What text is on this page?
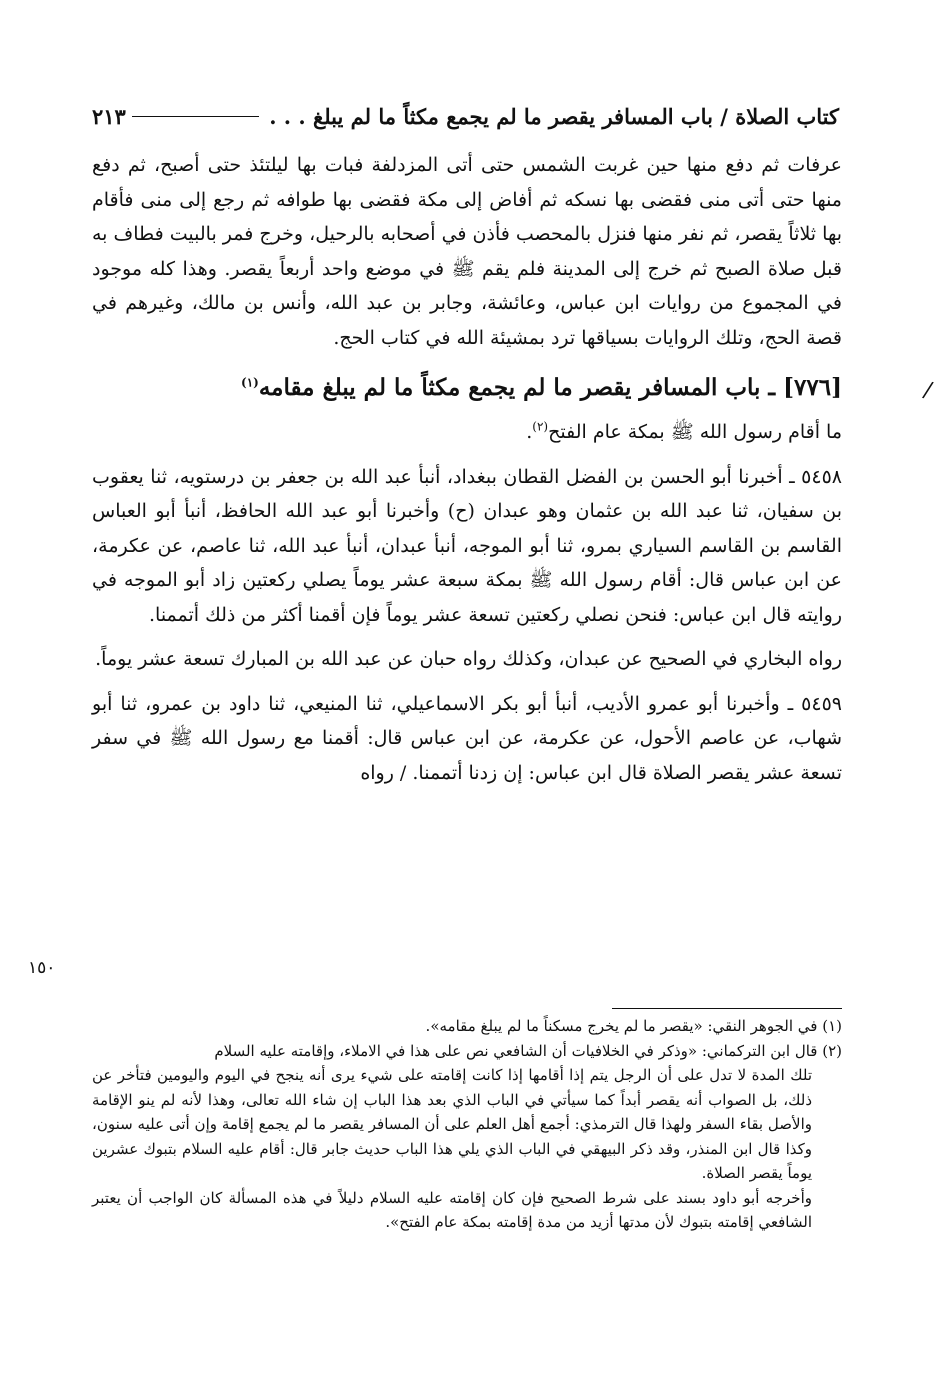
كتاب الصلاة / باب المسافر يقصر ما لم يجمع مكثاً ما لم يبلغ . . .
٢١٣
/

عرفات ثم دفع منها حين غربت الشمس حتى أتى المزدلفة فبات بها ليلتئذ حتى أصبح، ثم دفع منها حتى أتى منى فقضى بها نسكه ثم أفاض إلى مكة فقضى بها طوافه ثم رجع إلى منى فأقام بها ثلاثاً يقصر، ثم نفر منها فنزل بالمحصب فأذن في أصحابه بالرحيل، وخرج فمر بالبيت فطاف به قبل صلاة الصبح ثم خرج إلى المدينة فلم يقم ﷺ في موضع واحد أربعاً يقصر. وهذا كله موجود في المجموع من روايات ابن عباس، وعائشة، وجابر بن عبد الله، وأنس بن مالك، وغيرهم في قصة الحج، وتلك الروايات بسياقها ترد بمشيئة الله في كتاب الحج.

[٧٧٦] ـ باب المسافر يقصر ما لم يجمع مكثاً ما لم يبلغ مقامه$^{(١)}$

ما أقام رسول الله ﷺ بمكة عام الفتح$^{(٢)}$.

٥٤٥٨ ـ أخبرنا أبو الحسن بن الفضل القطان ببغداد، أنبأ عبد الله بن جعفر بن درستويه، ثنا يعقوب بن سفيان، ثنا عبد الله بن عثمان وهو عبدان (ح) وأخبرنا أبو عبد الله الحافظ، أنبأ أبو العباس القاسم بن القاسم السياري بمرو، ثنا أبو الموجه، أنبأ عبدان، أنبأ عبد الله، ثنا عاصم، عن عكرمة، عن ابن عباس قال: أقام رسول الله ﷺ بمكة سبعة عشر يوماً يصلي ركعتين زاد أبو الموجه في روايته قال ابن عباس: فنحن نصلي ركعتين تسعة عشر يوماً فإن أقمنا أكثر من ذلك أتممنا.

رواه البخاري في الصحيح عن عبدان، وكذلك رواه حبان عن عبد الله بن المبارك تسعة عشر يوماً.

٥٤٥٩ ـ وأخبرنا أبو عمرو الأديب، أنبأ أبو بكر الاسماعيلي، ثنا المنيعي، ثنا داود بن عمرو، ثنا أبو شهاب، عن عاصم الأحول، عن عكرمة، عن ابن عباس قال: أقمنا مع رسول الله ﷺ في سفر تسعة عشر يقصر الصلاة قال ابن عباس: إن زدنا أتممنا. / رواه

١٥٠

(١) في الجوهر النقي: «يقصر ما لم يخرج مسكناً ما لم يبلغ مقامه».

(٢) قال ابن التركماني: «وذكر في الخلافيات أن الشافعي نص على هذا في الاملاء، وإقامته عليه السلام

تلك المدة لا تدل على أن الرجل يتم إذا أقامها إذا كانت إقامته على شيء يرى أنه ينجح في اليوم واليومين فتأخر عن ذلك، بل الصواب أنه يقصر أبداً كما سيأتي في الباب الذي بعد هذا الباب إن شاء الله تعالى، وهذا لأنه لم ينو الإقامة والأصل بقاء السفر ولهذا قال الترمذي: أجمع أهل العلم على أن المسافر يقصر ما لم يجمع إقامة وإن أتى عليه سنون، وكذا قال ابن المنذر، وقد ذكر البيهقي في الباب الذي يلي هذا الباب حديث جابر قال: أقام عليه السلام بتبوك عشرين يوماً يقصر الصلاة.

وأخرجه أبو داود بسند على شرط الصحيح فإن كان إقامته عليه السلام دليلاً في هذه المسألة كان الواجب أن يعتبر الشافعي إقامته بتبوك لأن مدتها أزيد من مدة إقامته بمكة عام الفتح».
